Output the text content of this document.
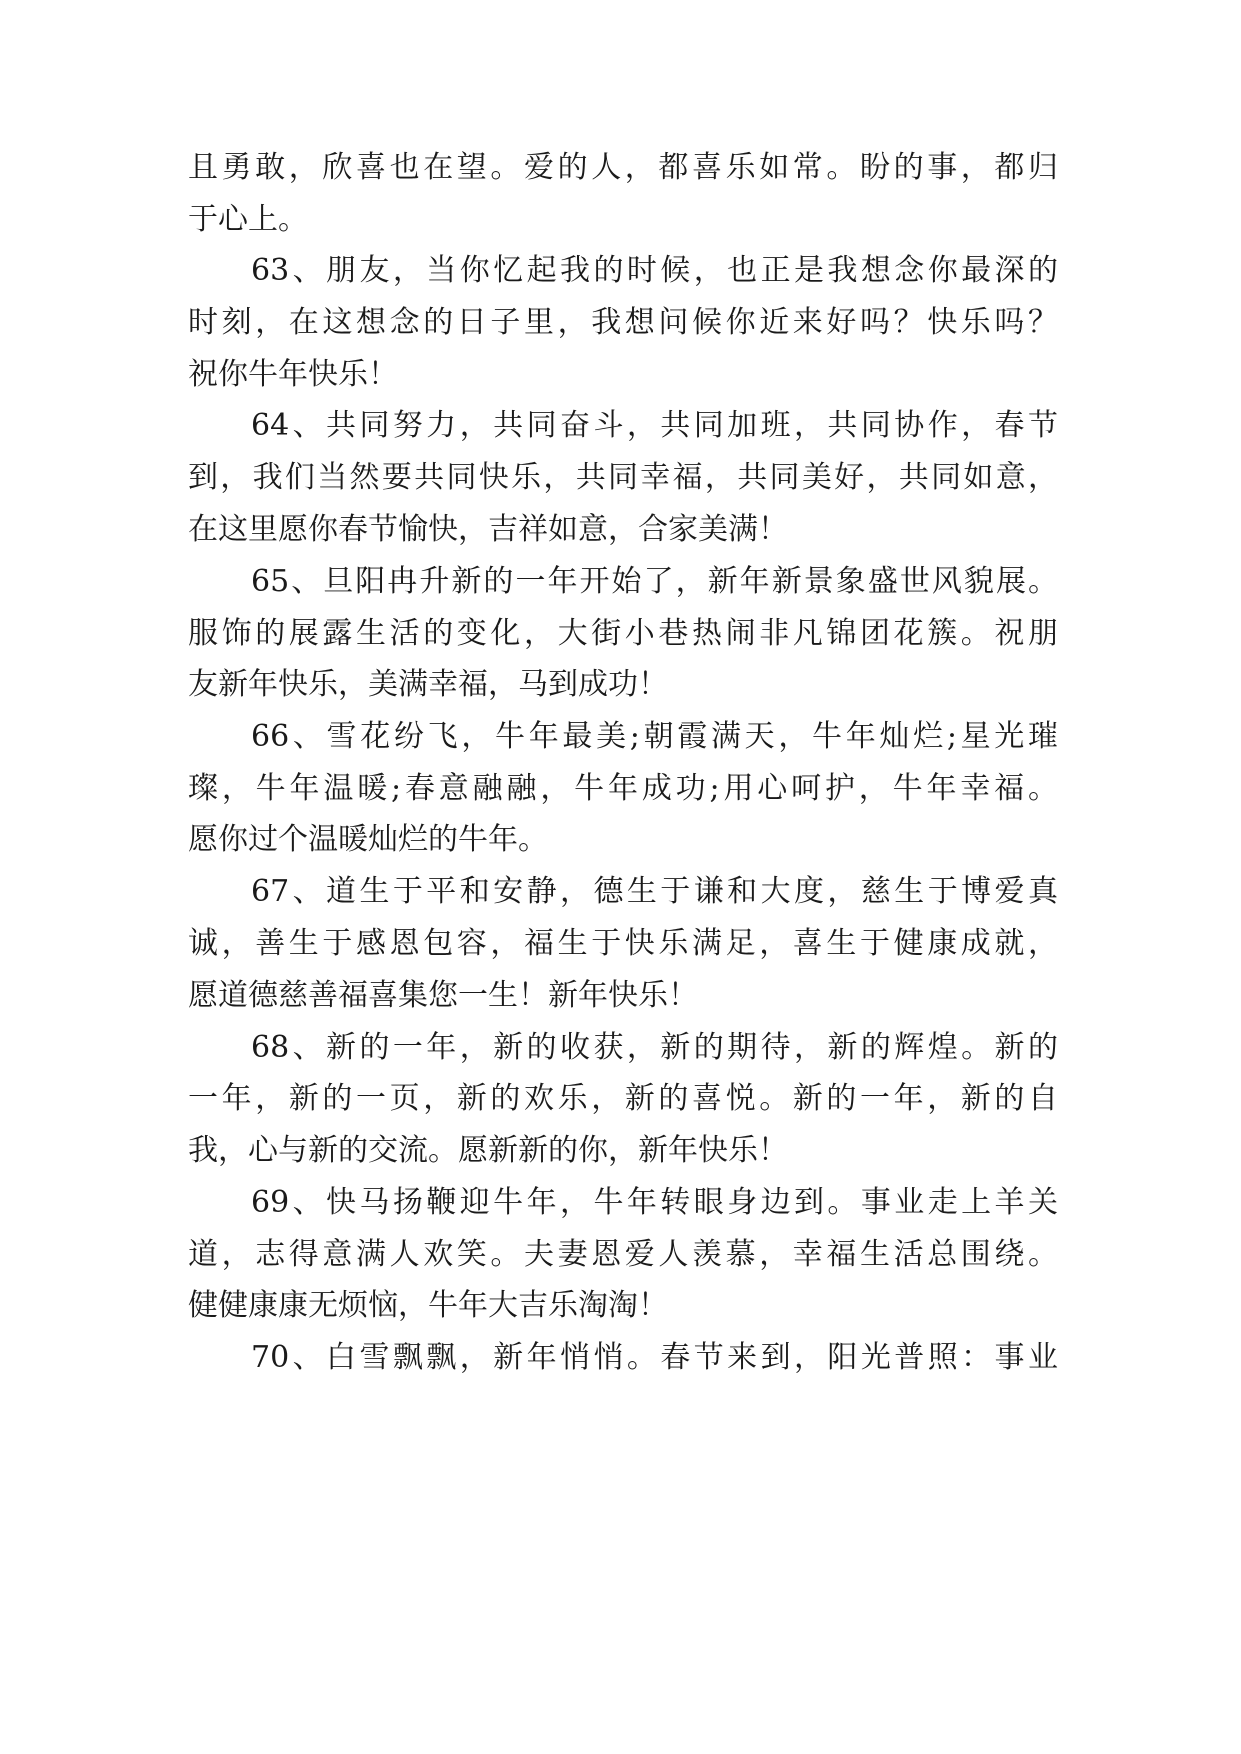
且勇敢，欣喜也在望。爱的人，都喜乐如常。盼的事，都归
于心上。
63、朋友，当你忆起我的时候，也正是我想念你最深的
时刻，在这想念的日子里，我想问候你近来好吗？快乐吗？
祝你牛年快乐！
64、共同努力，共同奋斗，共同加班，共同协作，春节
到，我们当然要共同快乐，共同幸福，共同美好，共同如意，
在这里愿你春节愉快，吉祥如意，合家美满！
65、旦阳冉升新的一年开始了，新年新景象盛世风貌展。
服饰的展露生活的变化，大街小巷热闹非凡锦团花簇。祝朋
友新年快乐，美满幸福，马到成功！
66、雪花纷飞，牛年最美;朝霞满天，牛年灿烂;星光璀
璨，牛年温暖;春意融融，牛年成功;用心呵护，牛年幸福。
愿你过个温暖灿烂的牛年。
67、道生于平和安静，德生于谦和大度，慈生于博爱真
诚，善生于感恩包容，福生于快乐满足，喜生于健康成就，
愿道德慈善福喜集您一生！新年快乐！
68、新的一年，新的收获，新的期待，新的辉煌。新的
一年，新的一页，新的欢乐，新的喜悦。新的一年，新的自
我，心与新的交流。愿新新的你，新年快乐！
69、快马扬鞭迎牛年，牛年转眼身边到。事业走上羊关
道，志得意满人欢笑。夫妻恩爱人羡慕，幸福生活总围绕。
健健康康无烦恼，牛年大吉乐淘淘！
70、白雪飘飘，新年悄悄。春节来到，阳光普照：事业
